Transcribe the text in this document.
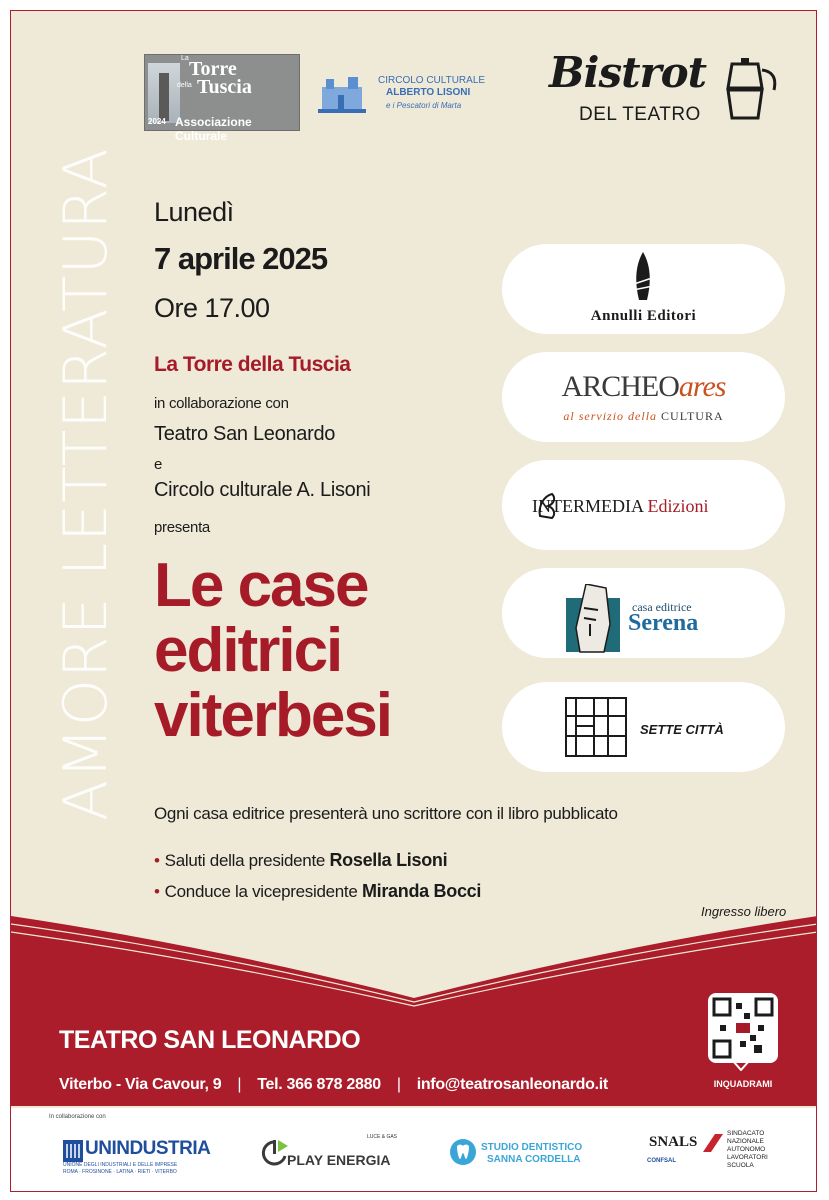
AMORE LETTERATURA
La Torre
della Tuscia
2024 Associazione Culturale
CIRCOLO CULTURALE
ALBERTO LISONI
e i Pescatori di Marta
Bistrot
DEL TEATRO
Lunedì
7 aprile 2025
Ore 17.00
La Torre della Tuscia
in collaborazione con
Teatro San Leonardo
e
Circolo culturale A. Lisoni
presenta
Le case
editrici
viterbesi
Annulli Editori
ARCHEOares
al servizio della CULTURA
INTERMEDIA Edizioni
casa editrice
Serena
SETTE CITTÀ
Ogni casa editrice presenterà uno scrittore con il libro pubblicato
• Saluti della presidente Rosella Lisoni
• Conduce la vicepresidente Miranda Bocci
Ingresso libero
TEATRO SAN LEONARDO
Viterbo - Via Cavour, 9 | Tel. 366 878 2880 | info@teatrosanleonardo.it	INQUADRAMI
In collaborazione con
UNINDUSTRIA
UNIONE DEGLI INDUSTRIALI E DELLE IMPRESE
ROMA · FROSINONE · LATINA · RIETI · VITERBO
LUCE & GAS
PLAY ENERGIA
STUDIO DENTISTICO
SANNA CORDELLA
SNALS
CONFSAL
SINDACATO
NAZIONALE
AUTONOMO
LAVORATORI
SCUOLA
